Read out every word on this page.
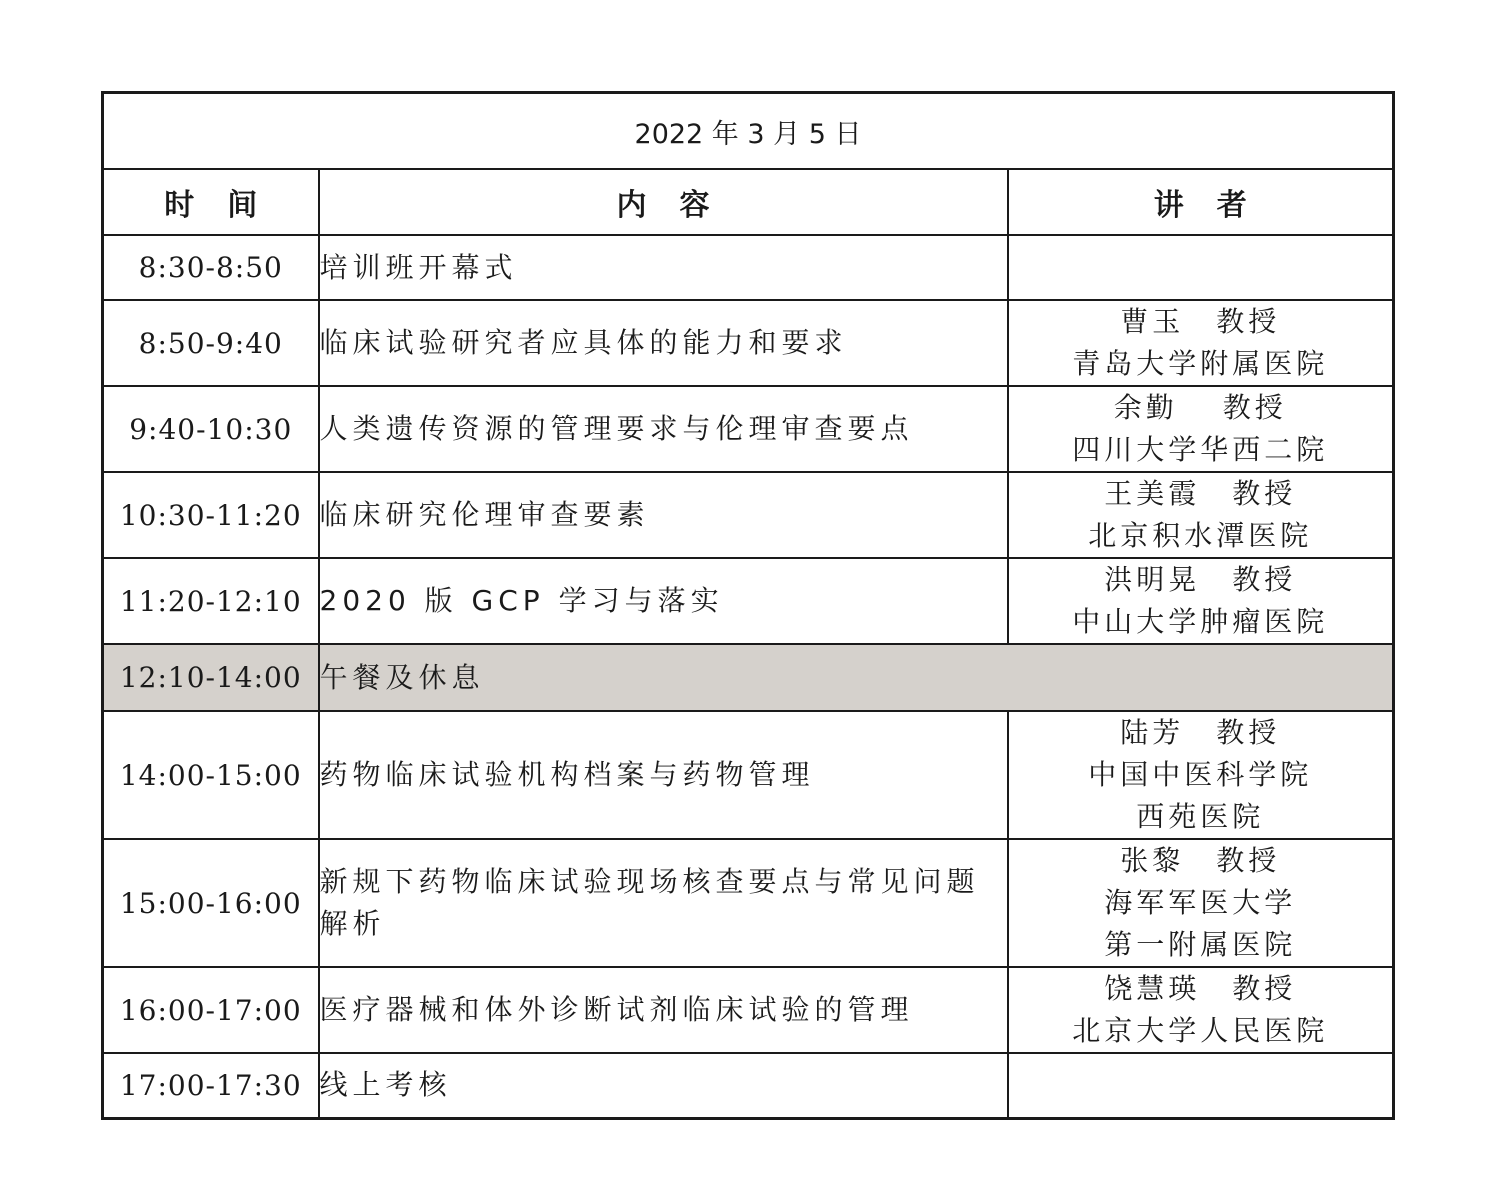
2022 年 3 月 5 日		
时间	内容	讲者
8:30-8:50	培训班开幕式	
8:50-9:40	临床试验研究者应具体的能力和要求	曹玉　教授
青岛大学附属医院

9:40-10:30	人类遗传资源的管理要求与伦理审查要点	余勤　 教授
四川大学华西二院

10:30-11:20	临床研究伦理审查要素	王美霞　教授
北京积水潭医院

11:20-12:10	2020 版 GCP 学习与落实	洪明晃　教授
中山大学肿瘤医院

12:10-14:00	午餐及休息	
14:00-15:00	药物临床试验机构档案与药物管理	陆芳　教授
中国中医科学院
西苑医院

15:00-16:00	新规下药物临床试验现场核查要点与常见问题解析	张黎　教授
海军军医大学
第一附属医院

16:00-17:00	医疗器械和体外诊断试剂临床试验的管理	饶慧瑛　教授
北京大学人民医院

17:00-17:30	线上考核	
